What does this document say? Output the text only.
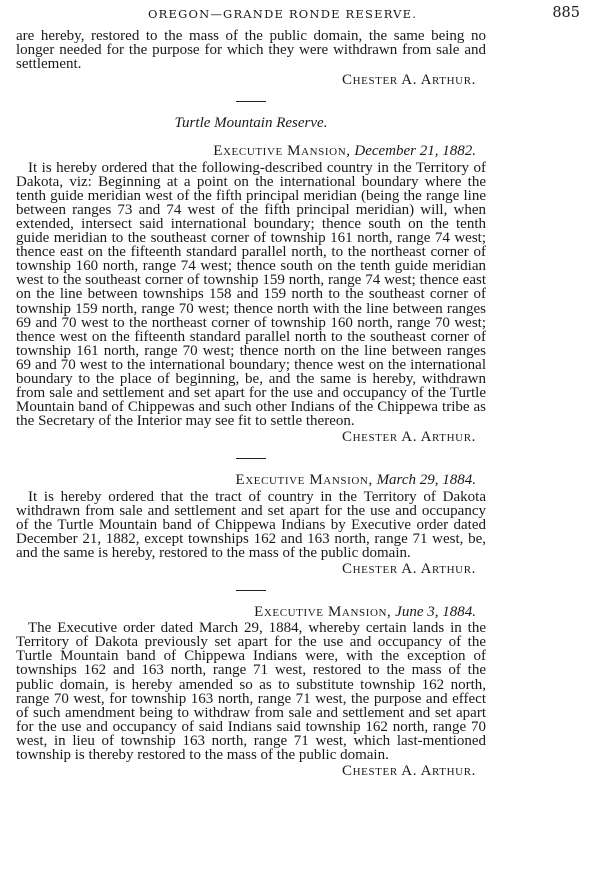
OREGON—GRANDE RONDE RESERVE.	885

are hereby, restored to the mass of the public domain, the same being no longer needed for the purpose for which they were withdrawn from sale and settlement.

Chester A. Arthur.

Turtle Mountain Reserve.

Executive Mansion, December 21, 1882.

It is hereby ordered that the following-described country in the Territory of Dakota, viz: Beginning at a point on the international boundary where the tenth guide meridian west of the fifth principal meridian (being the range line between ranges 73 and 74 west of the fifth principal meridian) will, when extended, intersect said international boundary; thence south on the tenth guide meridian to the southeast corner of township 161 north, range 74 west; thence east on the fifteenth standard parallel north, to the northeast corner of township 160 north, range 74 west; thence south on the tenth guide meridian west to the southeast corner of township 159 north, range 74 west; thence east on the line between townships 158 and 159 north to the southeast corner of township 159 north, range 70 west; thence north with the line between ranges 69 and 70 west to the northeast corner of township 160 north, range 70 west; thence west on the fifteenth standard parallel north to the southeast corner of township 161 north, range 70 west; thence north on the line between ranges 69 and 70 west to the international boundary; thence west on the international boundary to the place of beginning, be, and the same is hereby, withdrawn from sale and settlement and set apart for the use and occupancy of the Turtle Mountain band of Chippewas and such other Indians of the Chippewa tribe as the Secretary of the Interior may see fit to settle thereon.

Chester A. Arthur.

Executive Mansion, March 29, 1884.

It is hereby ordered that the tract of country in the Territory of Dakota withdrawn from sale and settlement and set apart for the use and occupancy of the Turtle Mountain band of Chippewa Indians by Executive order dated December 21, 1882, except townships 162 and 163 north, range 71 west, be, and the same is hereby, restored to the mass of the public domain.

Chester A. Arthur.

Executive Mansion, June 3, 1884.

The Executive order dated March 29, 1884, whereby certain lands in the Territory of Dakota previously set apart for the use and occupancy of the Turtle Mountain band of Chippewa Indians were, with the exception of townships 162 and 163 north, range 71 west, restored to the mass of the public domain, is hereby amended so as to substitute township 162 north, range 70 west, for township 163 north, range 71 west, the purpose and effect of such amendment being to withdraw from sale and settlement and set apart for the use and occupancy of said Indians said township 162 north, range 70 west, in lieu of township 163 north, range 71 west, which last-mentioned township is thereby restored to the mass of the public domain.

Chester A. Arthur.
